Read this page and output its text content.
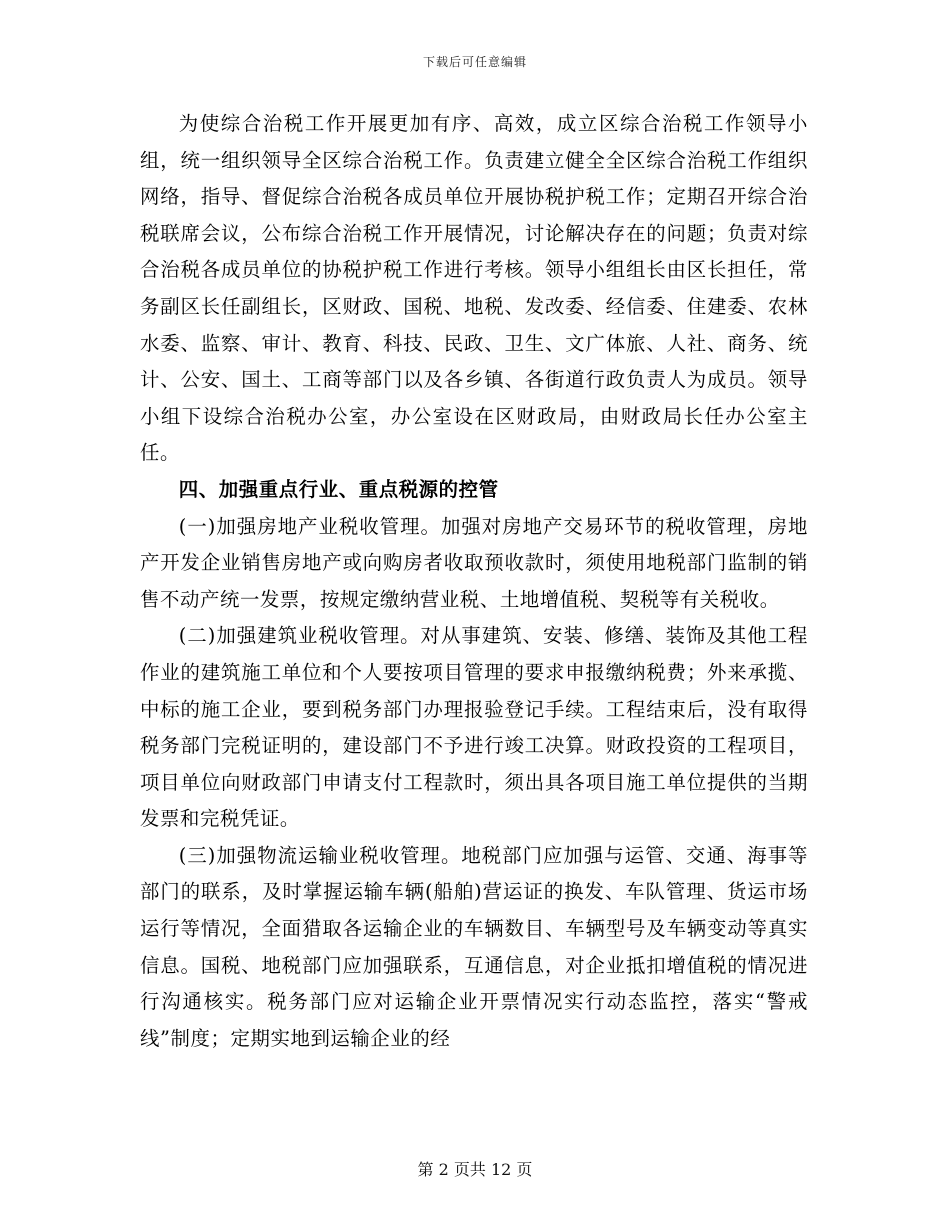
下载后可任意编辑

为使综合治税工作开展更加有序、高效，成立区综合治税工作领导小组，统一组织领导全区综合治税工作。负责建立健全全区综合治税工作组织网络，指导、督促综合治税各成员单位开展协税护税工作；定期召开综合治税联席会议，公布综合治税工作开展情况，讨论解决存在的问题；负责对综合治税各成员单位的协税护税工作进行考核。领导小组组长由区长担任，常务副区长任副组长，区财政、国税、地税、发改委、经信委、住建委、农林水委、监察、审计、教育、科技、民政、卫生、文广体旅、人社、商务、统计、公安、国土、工商等部门以及各乡镇、各街道行政负责人为成员。领导小组下设综合治税办公室，办公室设在区财政局，由财政局长任办公室主任。

四、加强重点行业、重点税源的控管

(一)加强房地产业税收管理。加强对房地产交易环节的税收管理，房地产开发企业销售房地产或向购房者收取预收款时，须使用地税部门监制的销售不动产统一发票，按规定缴纳营业税、土地增值税、契税等有关税收。

(二)加强建筑业税收管理。对从事建筑、安装、修缮、装饰及其他工程作业的建筑施工单位和个人要按项目管理的要求申报缴纳税费；外来承揽、中标的施工企业，要到税务部门办理报验登记手续。工程结束后，没有取得税务部门完税证明的，建设部门不予进行竣工决算。财政投资的工程项目，项目单位向财政部门申请支付工程款时，须出具各项目施工单位提供的当期发票和完税凭证。

(三)加强物流运输业税收管理。地税部门应加强与运管、交通、海事等部门的联系，及时掌握运输车辆(船舶)营运证的换发、车队管理、货运市场运行等情况，全面猎取各运输企业的车辆数目、车辆型号及车辆变动等真实信息。国税、地税部门应加强联系，互通信息，对企业抵扣增值税的情况进行沟通核实。税务部门应对运输企业开票情况实行动态监控，落实“警戒线”制度；定期实地到运输企业的经

第 2 页共 12 页
